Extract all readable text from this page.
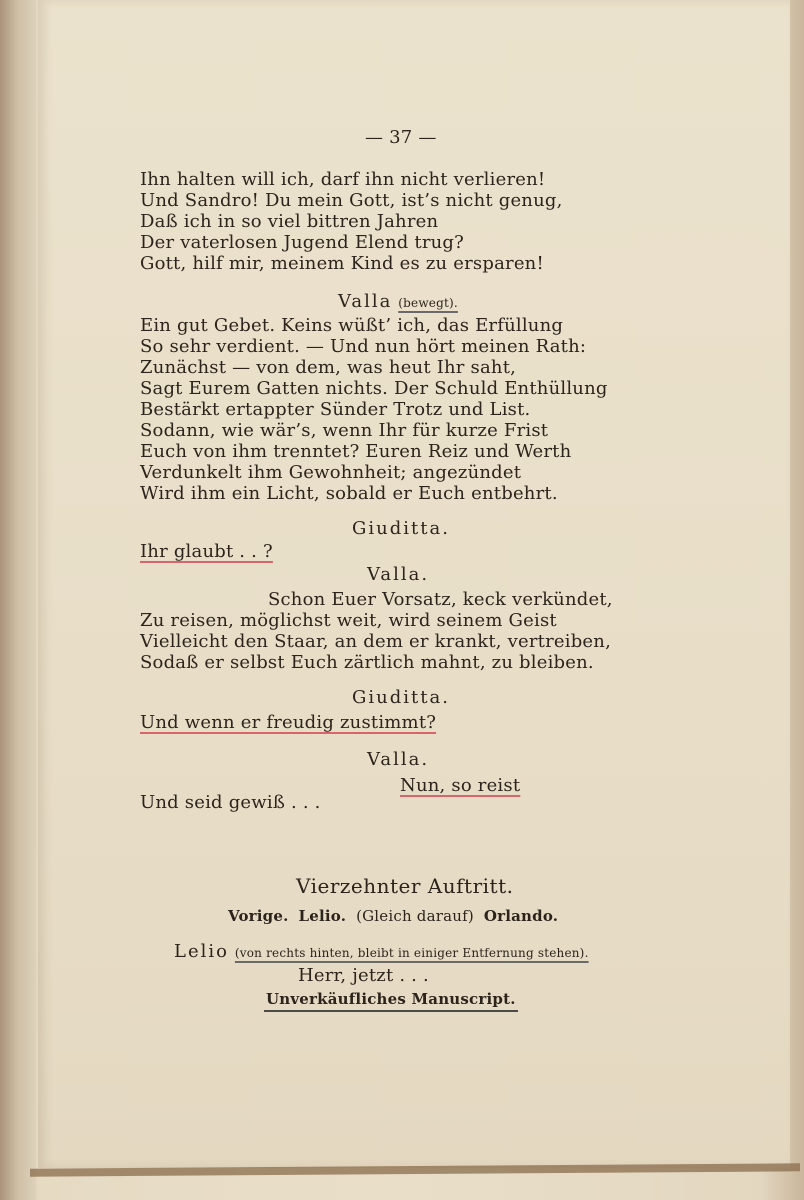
— 37 —
Ihn halten will ich, darf ihn nicht verlieren!
Und Sandro! Du mein Gott, ist’s nicht genug,
Daß ich in so viel bittren Jahren
Der vaterlosen Jugend Elend trug?
Gott, hilf mir, meinem Kind es zu ersparen!
Valla (bewegt).
Ein gut Gebet. Keins wüßt’ ich, das Erfüllung
So sehr verdient. — Und nun hört meinen Rath:
Zunächst — von dem, was heut Ihr saht,
Sagt Eurem Gatten nichts. Der Schuld Enthüllung
Bestärkt ertappter Sünder Trotz und List.
Sodann, wie wär’s, wenn Ihr für kurze Frist
Euch von ihm trenntet? Euren Reiz und Werth
Verdunkelt ihm Gewohnheit; angezündet
Wird ihm ein Licht, sobald er Euch entbehrt.
Giuditta.
Ihr glaubt . . ?
Valla.
Schon Euer Vorsatz, keck verkündet,
Zu reisen, möglichst weit, wird seinem Geist
Vielleicht den Staar, an dem er krankt, vertreiben,
Sodaß er selbst Euch zärtlich mahnt, zu bleiben.
Giuditta.
Und wenn er freudig zustimmt?
Valla.
Nun, so reist
Und seid gewiß . . .
Vierzehnter Auftritt.
Vorige. Lelio. (Gleich darauf) Orlando.
Lelio (von rechts hinten, bleibt in einiger Entfernung stehen).
Herr, jetzt . . .
Unverkäufliches Manuscript.
